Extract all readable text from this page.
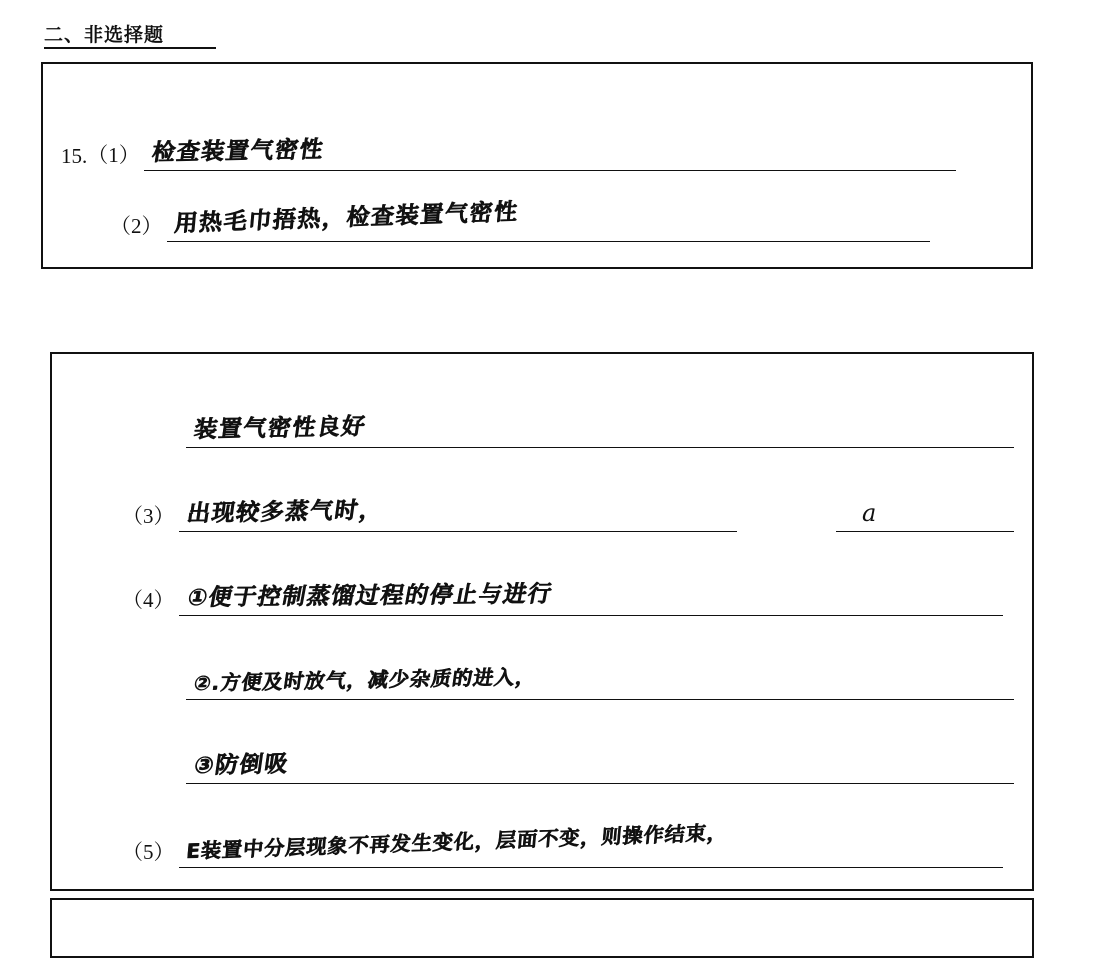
二、非选择题
15. （1） 检查装置气密性
（2） 用热毛巾捂热，检查装置气密性
装置气密性良好
（3） 出现较多蒸气时，	a
（4） ①便于控制蒸馏过程的停止与进行
②.方便及时放气，减少杂质的进入，
③防倒吸
（5） E装置中分层现象不再发生变化，层面不变，则操作结束，
